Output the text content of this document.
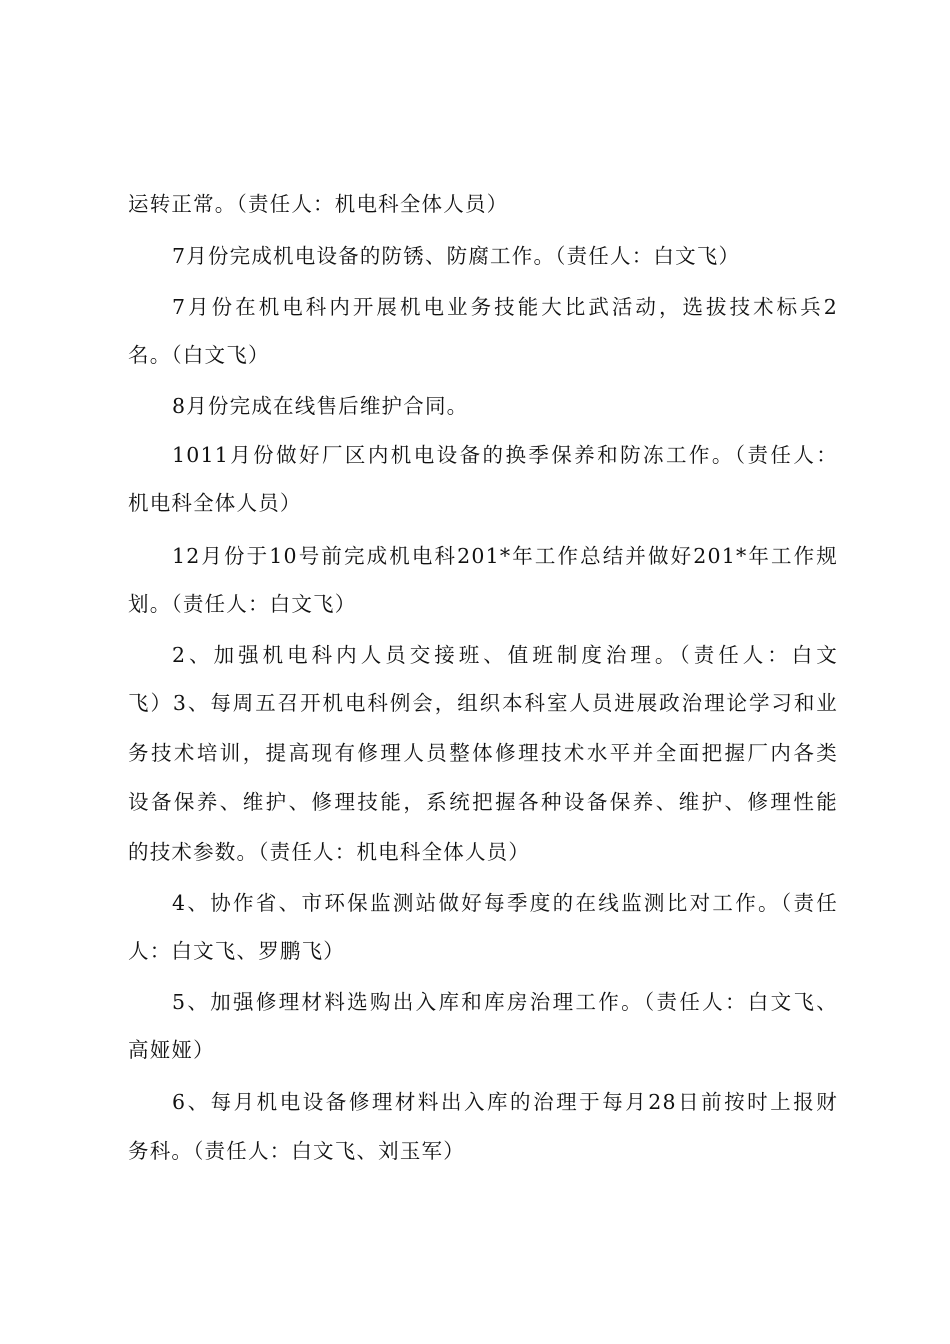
运转正常。（责任人：机电科全体人员）
7月份完成机电设备的防锈、防腐工作。（责任人：白文飞）
7月份在机电科内开展机电业务技能大比武活动，选拔技术标兵2
名。（白文飞）
8月份完成在线售后维护合同。
1011月份做好厂区内机电设备的换季保养和防冻工作。（责任人：
机电科全体人员）
12月份于10号前完成机电科201*年工作总结并做好201*年工作规
划。（责任人：白文飞）
2、加强机电科内人员交接班、值班制度治理。（责任人：白文
飞）3、每周五召开机电科例会，组织本科室人员进展政治理论学习和业
务技术培训，提高现有修理人员整体修理技术水平并全面把握厂内各类
设备保养、维护、修理技能，系统把握各种设备保养、维护、修理性能
的技术参数。（责任人：机电科全体人员）
4、协作省、市环保监测站做好每季度的在线监测比对工作。（责任
人：白文飞、罗鹏飞）
5、加强修理材料选购出入库和库房治理工作。（责任人：白文飞、
高娅娅）
6、每月机电设备修理材料出入库的治理于每月28日前按时上报财
务科。（责任人：白文飞、刘玉军）
